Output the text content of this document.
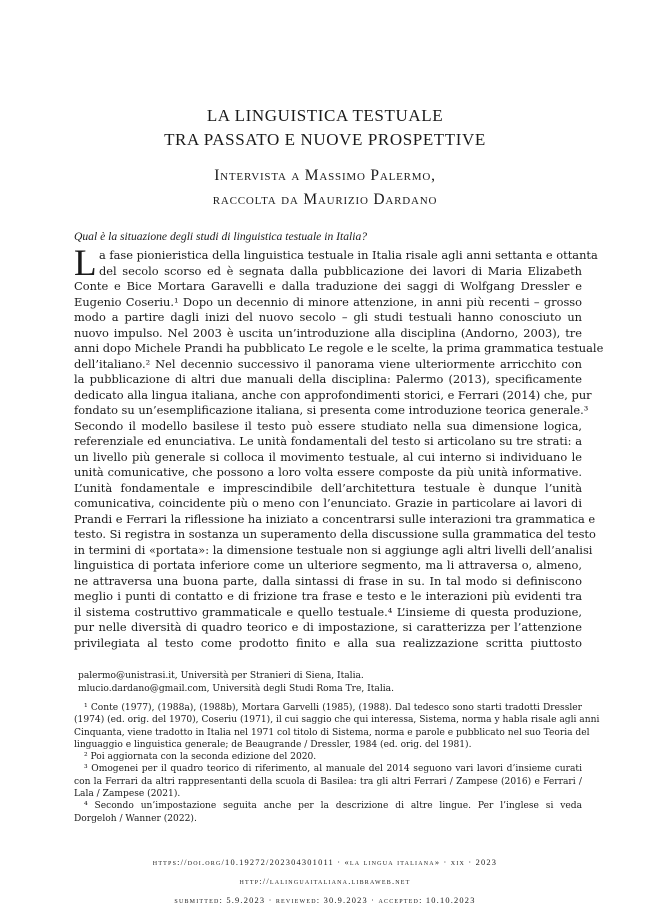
LA LINGUISTICA TESTUALE
TRA PASSATO E NUOVE PROSPETTIVE
Intervista a Massimo Palermo,
raccolta da Maurizio Dardano
Qual è la situazione degli studi di linguistica testuale in Italia?
L a fase pionieristica della linguistica testuale in Italia risale agli anni settanta e ottanta
del secolo scorso ed è segnata dalla pubblicazione dei lavori di Maria Elizabeth
Conte e Bice Mortara Garavelli e dalla traduzione dei saggi di Wolfgang Dressler e
Eugenio Coseriu.¹ Dopo un decennio di minore attenzione, in anni più recenti – grosso
modo a partire dagli inizi del nuovo secolo – gli studi testuali hanno conosciuto un
nuovo impulso. Nel 2003 è uscita un’introduzione alla disciplina (Andorno, 2003), tre
anni dopo Michele Prandi ha pubblicato Le regole e le scelte, la prima grammatica testuale
dell’italiano.² Nel decennio successivo il panorama viene ulteriormente arricchito con
la pubblicazione di altri due manuali della disciplina: Palermo (2013), specificamente
dedicato alla lingua italiana, anche con approfondimenti storici, e Ferrari (2014) che, pur
fondato su un’esemplificazione italiana, si presenta come introduzione teorica generale.³
Secondo il modello basilese il testo può essere studiato nella sua dimensione logica,
referenziale ed enunciativa. Le unità fondamentali del testo si articolano su tre strati: a
un livello più generale si colloca il movimento testuale, al cui interno si individuano le
unità comunicative, che possono a loro volta essere composte da più unità informative.
L’unità fondamentale e imprescindibile dell’architettura testuale è dunque l’unità
comunicativa, coincidente più o meno con l’enunciato. Grazie in particolare ai lavori di
Prandi e Ferrari la riflessione ha iniziato a concentrarsi sulle interazioni tra grammatica e
testo. Si registra in sostanza un superamento della discussione sulla grammatica del testo
in termini di «portata»: la dimensione testuale non si aggiunge agli altri livelli dell’analisi
linguistica di portata inferiore come un ulteriore segmento, ma li attraversa o, almeno,
ne attraversa una buona parte, dalla sintassi di frase in su. In tal modo si definiscono
meglio i punti di contatto e di frizione tra frase e testo e le interazioni più evidenti tra
il sistema costruttivo grammaticale e quello testuale.⁴ L’insieme di questa produzione,
pur nelle diversità di quadro teorico e di impostazione, si caratterizza per l’attenzione
privilegiata al testo come prodotto finito e alla sua realizzazione scritta piuttosto
palermo@unistrasi.it, Università per Stranieri di Siena, Italia.
mlucio.dardano@gmail.com, Università degli Studi Roma Tre, Italia.
¹ Conte (1977), (1988a), (1988b), Mortara Garvelli (1985), (1988). Dal tedesco sono starti tradotti Dressler
(1974) (ed. orig. del 1970), Coseriu (1971), il cui saggio che qui interessa, Sistema, norma y habla risale agli anni
Cinquanta, viene tradotto in Italia nel 1971 col titolo di Sistema, norma e parole e pubblicato nel suo Teoria del
linguaggio e linguistica generale; de Beaugrande / Dressler, 1984 (ed. orig. del 1981).
² Poi aggiornata con la seconda edizione del 2020.
³ Omogenei per il quadro teorico di riferimento, al manuale del 2014 seguono vari lavori d’insieme curati
con la Ferrari da altri rappresentanti della scuola di Basilea: tra gli altri Ferrari / Zampese (2016) e Ferrari /
Lala / Zampese (2021).
⁴ Secondo un’impostazione seguita anche per la descrizione di altre lingue. Per l’inglese si veda
Dorgeloh / Wanner (2022).
https://doi.org/10.19272/202304301011 · «la lingua italiana» · xix · 2023
http://lalinguaitaliana.libraweb.net
submitted: 5.9.2023 · reviewed: 30.9.2023 · accepted: 10.10.2023
